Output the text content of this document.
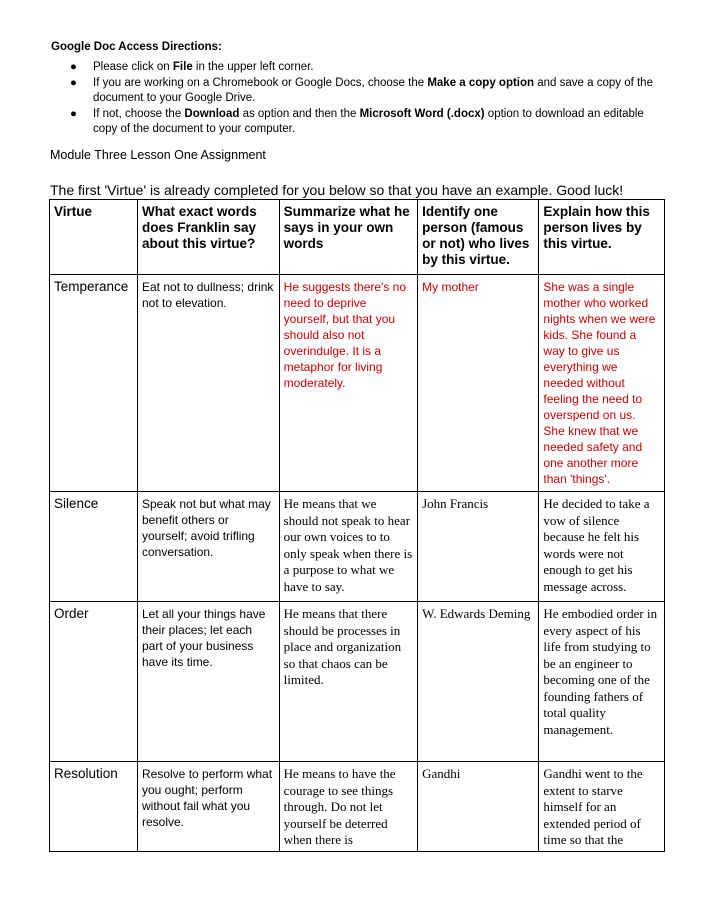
Google Doc Access Directions:
● Please click on File in the upper left corner.
● If you are working on a Chromebook or Google Docs, choose the Make a copy option and save a copy of the document to your Google Drive.
● If not, choose the Download as option and then the Microsoft Word (.docx) option to download an editable copy of the document to your computer.
Module Three Lesson One Assignment
The first 'Virtue' is already completed for you below so that you have an example. Good luck!
Virtue	What exact words does Franklin say about this virtue?	Summarize what he says in your own words	Identify one person (famous or not) who lives by this virtue.	Explain how this person lives by this virtue.
Temperance	Eat not to dullness; drink not to elevation.	He suggests there's no need to deprive yourself, but that you should also not overindulge. It is a metaphor for living moderately.	My mother	She was a single mother who worked nights when we were kids. She found a way to give us everything we needed without feeling the need to overspend on us. She knew that we needed safety and one another more than 'things'.
Silence	Speak not but what may benefit others or yourself; avoid trifling conversation.	He means that we should not speak to hear our own voices to to only speak when there is a purpose to what we have to say.	John Francis	He decided to take a vow of silence because he felt his words were not enough to get his message across.
Order	Let all your things have their places; let each part of your business have its time.	He means that there should be processes in place and organization so that chaos can be limited.	W. Edwards Deming	He embodied order in every aspect of his life from studying to be an engineer to becoming one of the founding fathers of total quality management.
Resolution	Resolve to perform what you ought; perform without fail what you resolve.	He means to have the courage to see things through. Do not let yourself be deterred when there is	Gandhi	Gandhi went to the extent to starve himself for an extended period of time so that the
